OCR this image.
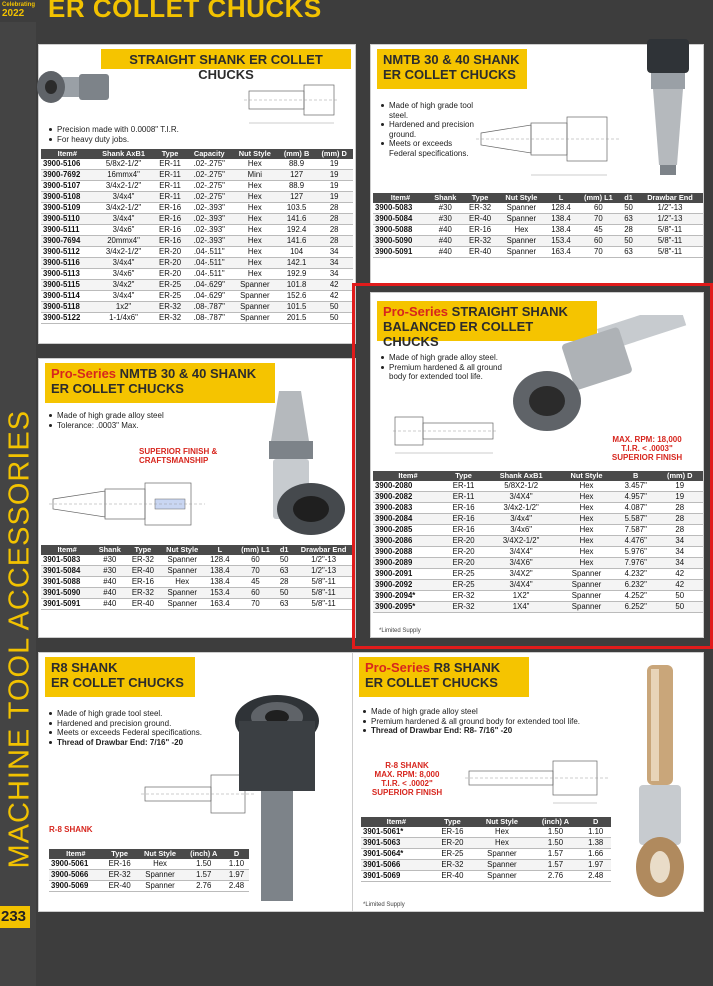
Celebrating
2022 ER COLLET CHUCKS
MACHINE TOOL ACCESSORIES
233
STRAIGHT SHANK ER COLLET CHUCKS
Precision made with 0.0008" T.I.R.
For heavy duty jobs.
Item#	Shank AxB1	Type	Capacity	Nut Style	(mm) B	(mm) D
3900-5106	5/8x2-1/2"	ER-11	.02-.275"	Hex	88.9	19
3900-7692	16mmx4"	ER-11	.02-.275"	Mini	127	19
3900-5107	3/4x2-1/2"	ER-11	.02-.275"	Hex	88.9	19
3900-5108	3/4x4"	ER-11	.02-.275"	Hex	127	19
3900-5109	3/4x2-1/2"	ER-16	.02-.393"	Hex	103.5	28
3900-5110	3/4x4"	ER-16	.02-.393"	Hex	141.6	28
3900-5111	3/4x6"	ER-16	.02-.393"	Hex	192.4	28
3900-7694	20mmx4"	ER-16	.02-.393"	Hex	141.6	28
3900-5112	3/4x2-1/2"	ER-20	.04-.511"	Hex	104	34
3900-5116	3/4x4"	ER-20	.04-.511"	Hex	142.1	34
3900-5113	3/4x6"	ER-20	.04-.511"	Hex	192.9	34
3900-5115	3/4x2"	ER-25	.04-.629"	Spanner	101.8	42
3900-5114	3/4x4"	ER-25	.04-.629"	Spanner	152.6	42
3900-5118	1x2"	ER-32	.08-.787"	Spanner	101.5	50
3900-5122	1-1/4x6"	ER-32	.08-.787"	Spanner	201.5	50
NMTB 30 & 40 SHANK
ER COLLET CHUCKS
Made of high grade tool steel.
Hardened and precision ground.
Meets or exceeds Federal specifications.
Item#	Shank	Type	Nut Style	L	(mm) L1	d1	Drawbar End
3900-5083	#30	ER-32	Spanner	128.4	60	50	1/2"-13
3900-5084	#30	ER-40	Spanner	138.4	70	63	1/2"-13
3900-5088	#40	ER-16	Hex	138.4	45	28	5/8"-11
3900-5090	#40	ER-32	Spanner	153.4	60	50	5/8"-11
3900-5091	#40	ER-40	Spanner	163.4	70	63	5/8"-11
Pro-Series NMTB 30 & 40 SHANK
ER COLLET CHUCKS
Made of high grade alloy steel
Tolerance: .0003" Max.
SUPERIOR FINISH &
CRAFTSMANSHIP
Item#	Shank	Type	Nut Style	L	(mm) L1	d1	Drawbar End
3901-5083	#30	ER-32	Spanner	128.4	60	50	1/2"-13
3901-5084	#30	ER-40	Spanner	138.4	70	63	1/2"-13
3901-5088	#40	ER-16	Hex	138.4	45	28	5/8"-11
3901-5090	#40	ER-32	Spanner	153.4	60	50	5/8"-11
3901-5091	#40	ER-40	Spanner	163.4	70	63	5/8"-11
Pro-Series STRAIGHT SHANK
BALANCED ER COLLET CHUCKS
Made of high grade alloy steel.
Premium hardened & all ground body for extended tool life.
MAX. RPM: 18,000
T.I.R. < .0003"
SUPERIOR FINISH
Item#	Type	Shank AxB1	Nut Style	B	(mm) D
3900-2080	ER-11	5/8X2-1/2	Hex	3.457"	19
3900-2082	ER-11	3/4X4"	Hex	4.957"	19
3900-2083	ER-16	3/4x2-1/2"	Hex	4.087"	28
3900-2084	ER-16	3/4x4"	Hex	5.587"	28
3900-2085	ER-16	3/4x6"	Hex	7.587"	28
3900-2086	ER-20	3/4X2-1/2"	Hex	4.476"	34
3900-2088	ER-20	3/4X4"	Hex	5.976"	34
3900-2089	ER-20	3/4X6"	Hex	7.976"	34
3900-2091	ER-25	3/4X2"	Spanner	4.232"	42
3900-2092	ER-25	3/4X4"	Spanner	6.232"	42
3900-2094*	ER-32	1X2"	Spanner	4.252"	50
3900-2095*	ER-32	1X4"	Spanner	6.252"	50
*Limited Supply
R8 SHANK
ER COLLET CHUCKS
Made of high grade tool steel.
Hardened and precision ground.
Meets or exceeds Federal specifications.
Thread of Drawbar End: 7/16" -20
R-8 SHANK
Item#	Type	Nut Style	(inch) A	D
3900-5061	ER-16	Hex	1.50	1.10
3900-5066	ER-32	Spanner	1.57	1.97
3900-5069	ER-40	Spanner	2.76	2.48
Pro-Series R8 SHANK
ER COLLET CHUCKS
Made of high grade alloy steel
Premium hardened & all ground body for extended tool life.
Thread of Drawbar End: R8- 7/16" -20
R-8 SHANK
MAX. RPM: 8,000
T.I.R. < .0002"
SUPERIOR FINISH
Item#	Type	Nut Style	(inch) A	D
3901-5061*	ER-16	Hex	1.50	1.10
3901-5063	ER-20	Hex	1.50	1.38
3901-5064*	ER-25	Spanner	1.57	1.66
3901-5066	ER-32	Spanner	1.57	1.97
3901-5069	ER-40	Spanner	2.76	2.48
*Limited Supply
